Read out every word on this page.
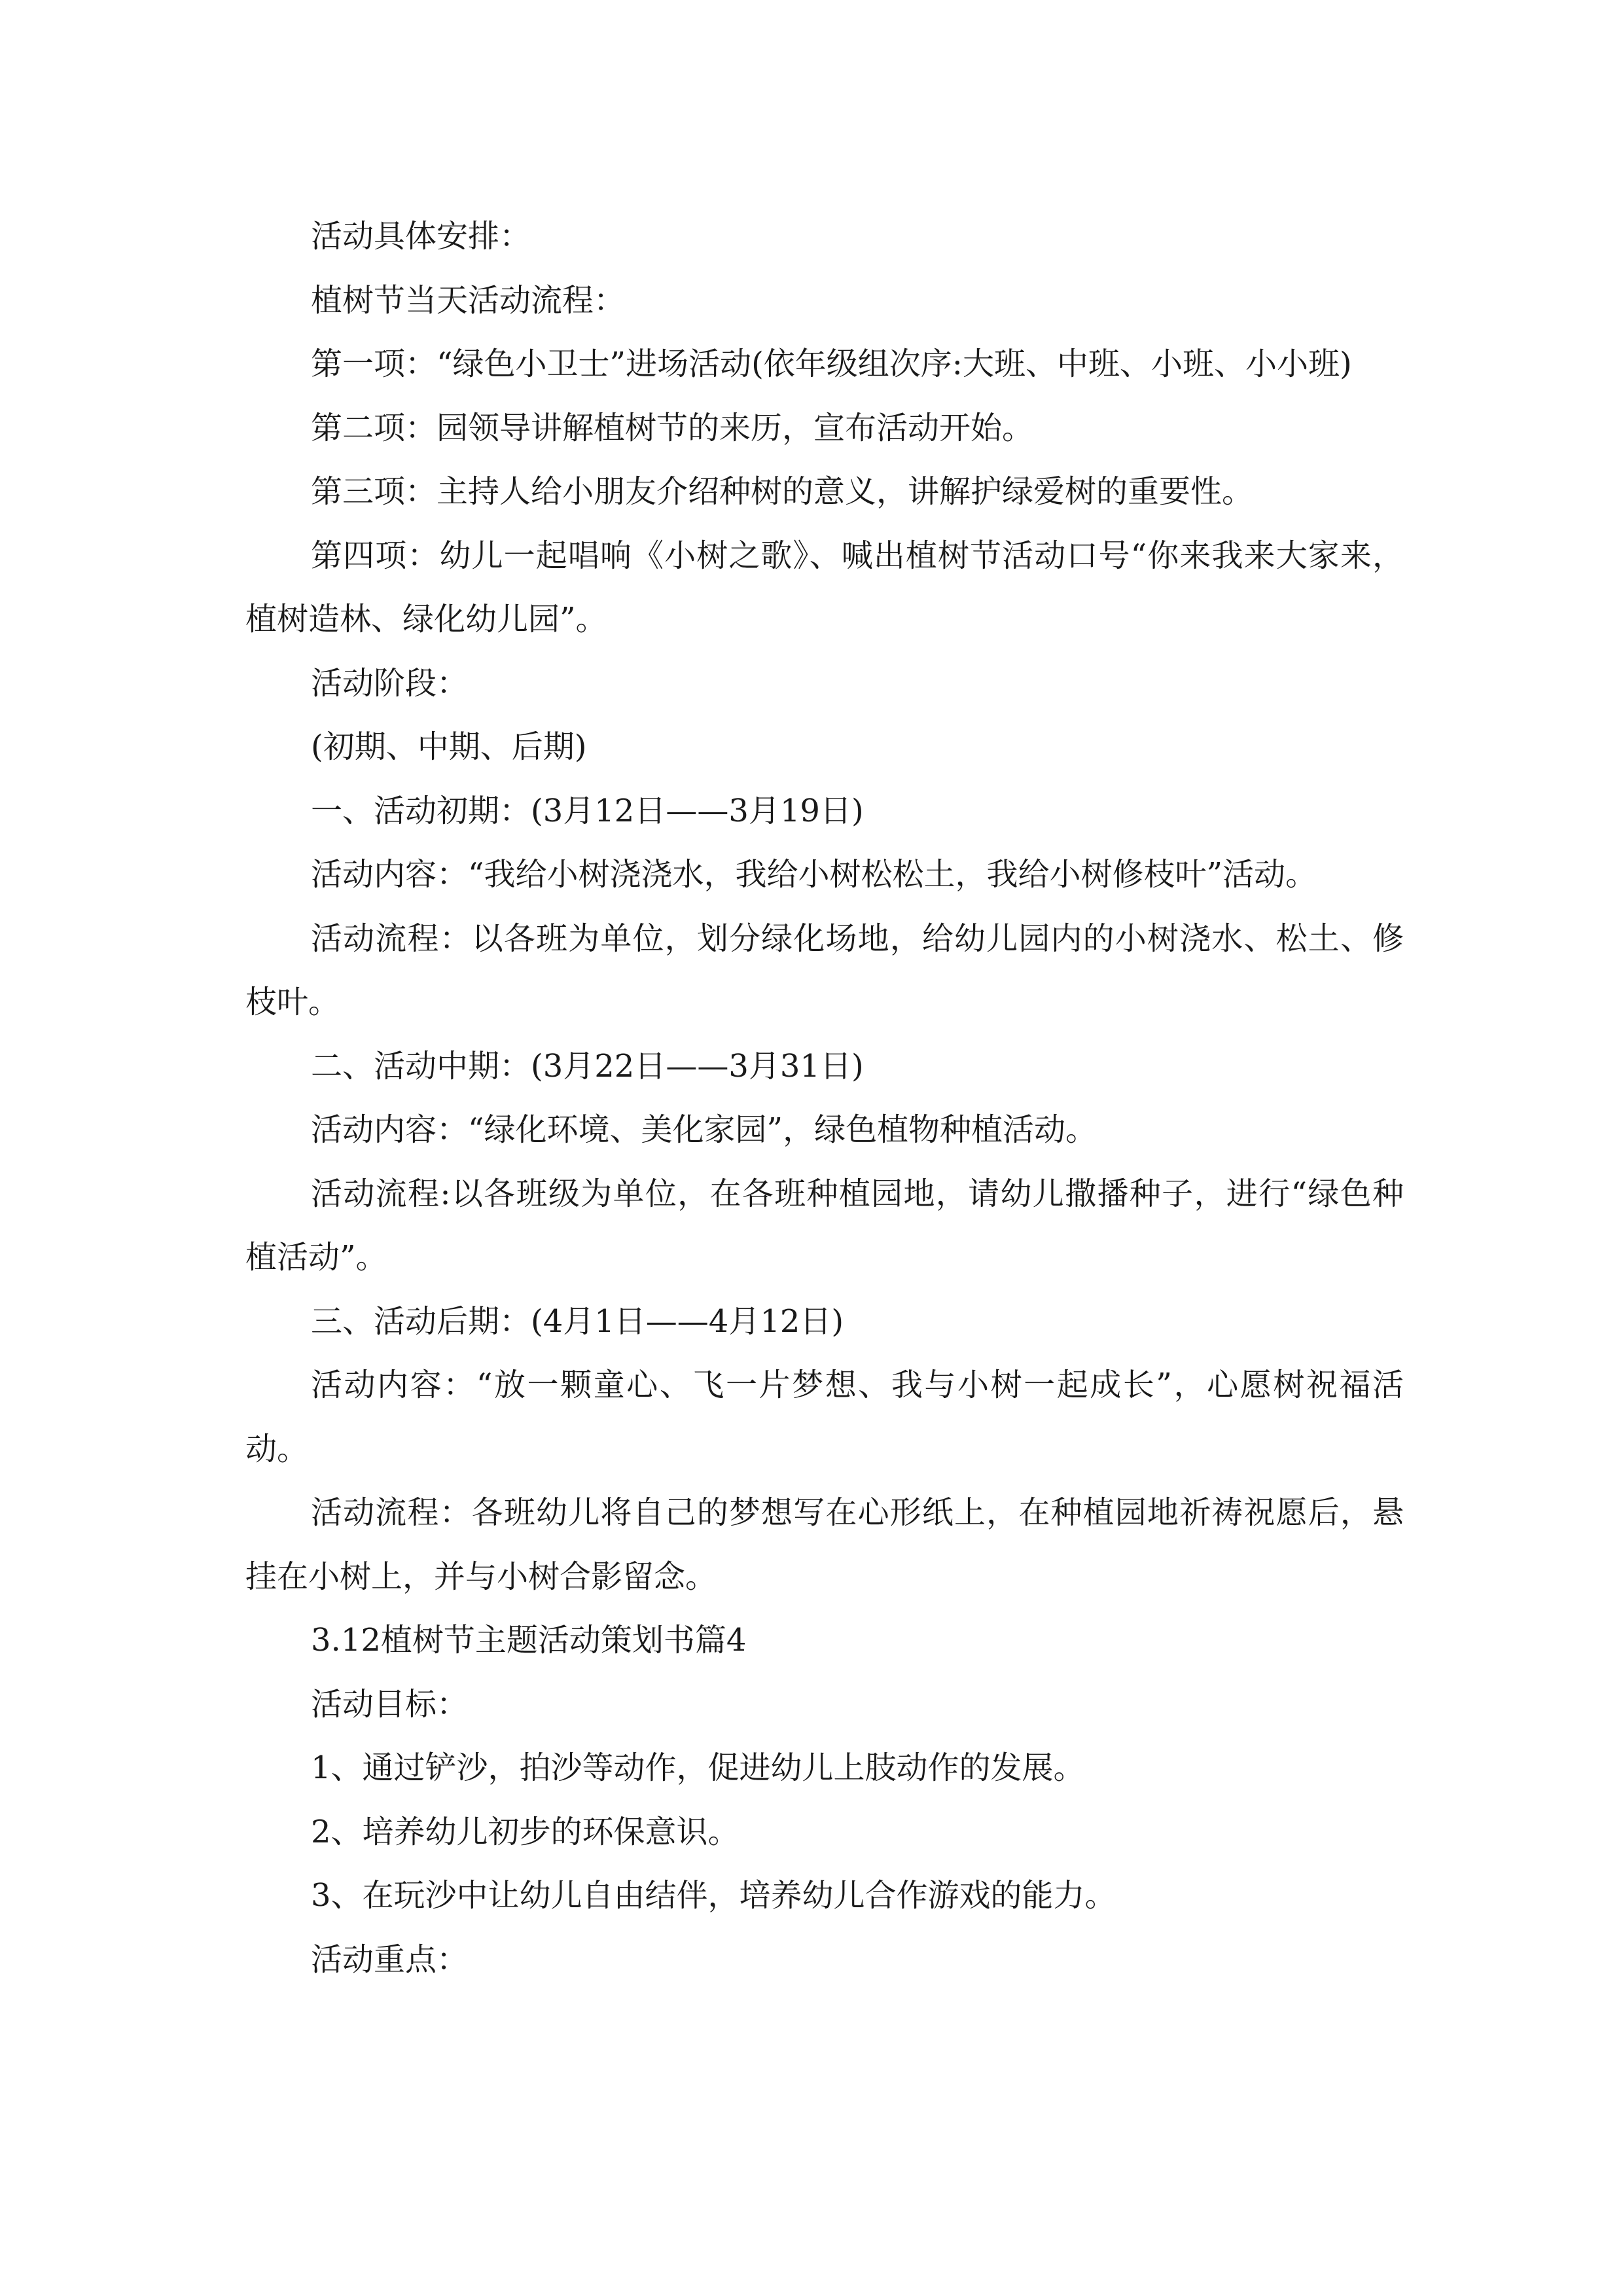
活动具体安排：

植树节当天活动流程：

第一项：“绿色小卫士”进场活动(依年级组次序:大班、中班、小班、小小班)

第二项：园领导讲解植树节的来历，宣布活动开始。

第三项：主持人给小朋友介绍种树的意义，讲解护绿爱树的重要性。

第四项：幼儿一起唱响《小树之歌》、喊出植树节活动口号“你来我来大家来，植树造林、绿化幼儿园”。

活动阶段：

(初期、中期、后期)

一、活动初期：(3月12日——3月19日)

活动内容：“我给小树浇浇水，我给小树松松土，我给小树修枝叶”活动。

活动流程：以各班为单位，划分绿化场地，给幼儿园内的小树浇水、松土、修枝叶。

二、活动中期：(3月22日——3月31日)

活动内容：“绿化环境、美化家园”，绿色植物种植活动。

活动流程:以各班级为单位，在各班种植园地，请幼儿撒播种子，进行“绿色种植活动”。

三、活动后期：(4月1日——4月12日)

活动内容：“放一颗童心、飞一片梦想、我与小树一起成长”，心愿树祝福活动。

活动流程：各班幼儿将自己的梦想写在心形纸上，在种植园地祈祷祝愿后，悬挂在小树上，并与小树合影留念。

3.12植树节主题活动策划书篇4

活动目标：

1、通过铲沙，拍沙等动作，促进幼儿上肢动作的发展。

2、培养幼儿初步的环保意识。

3、在玩沙中让幼儿自由结伴，培养幼儿合作游戏的能力。

活动重点：
